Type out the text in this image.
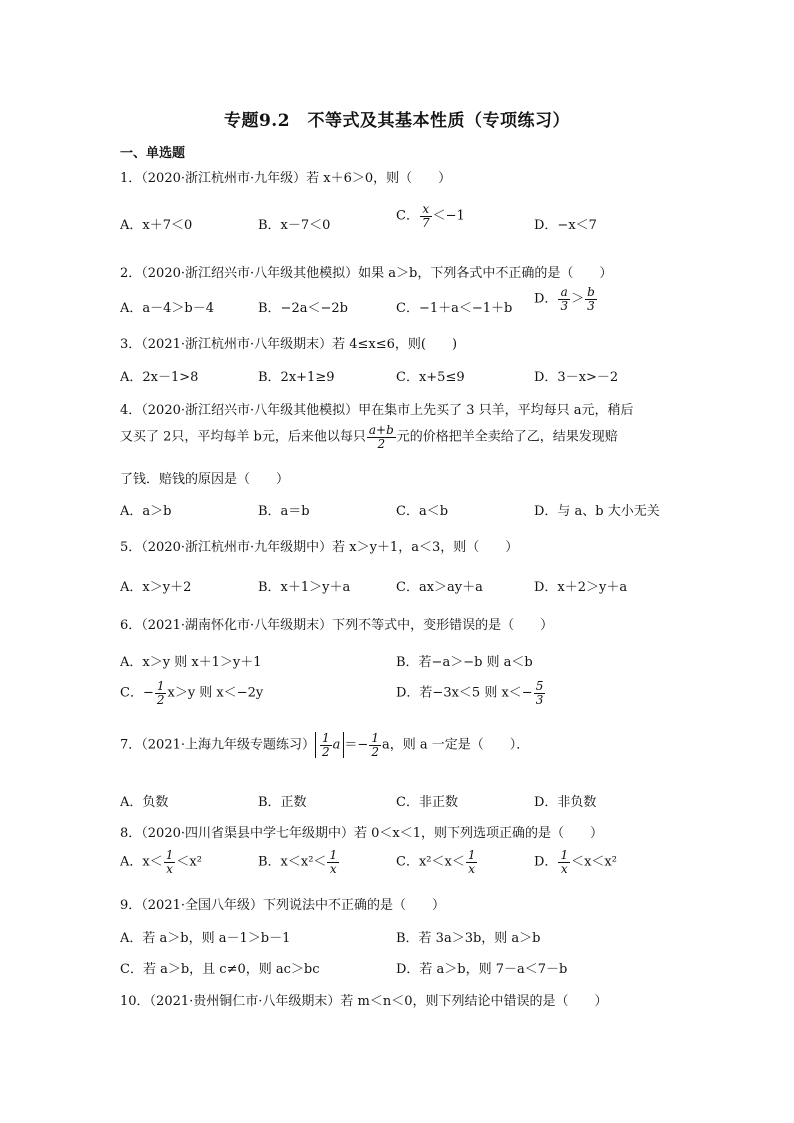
专题9.2　不等式及其基本性质（专项练习）
一、单选题
1．（2020·浙江杭州市·九年级）若 x＋6＞0，则（　　）
A．x＋7＜0	B．x－7＜0
C． $\frac{x}{7} <-1$
D．−x＜7
2．（2020·浙江绍兴市·八年级其他模拟）如果 a＞b，下列各式中不正确的是（　　）
A．a－4＞b－4	B．−2a＜−2b	C．−1＋a＜−1＋b
D． $\frac{a}{3} > \frac{b}{3}$
3．（2021·浙江杭州市·八年级期末）若 4≤x≤6，则(　　)
A．2x－1>8	B．2x+1≥9	C．x+5≤9	D．3－x>－2
4．（2020·浙江绍兴市·八年级其他模拟）甲在集市上先买了 3 只羊，平均每只 a元，稍后
又买了 2只，平均每羊 b元，后来他以每只 $\frac{a+b}{2}$ 元的价格把羊全卖给了乙，结果发现赔
了钱．赔钱的原因是（　　）
A．a＞b	B．a＝b	C．a＜b	D．与 a、b 大小无关
5．（2020·浙江杭州市·九年级期中）若 x＞y＋1，a＜3，则（　　）
A．x＞y＋2	B．x＋1＞y＋a	C．ax＞ay＋a	D．x＋2＞y＋a
6．（2021·湖南怀化市·八年级期末）下列不等式中，变形错误的是（　　）
A．x＞y 则 x＋1＞y＋1	B．若−a＞−b 则 a＜b
C．− $\frac{1}{2} x>y$ 则 x＜−2y	D．若−3x＜5 则 $x<- \frac{5}{3}$
7．（2021·上海九年级专题练习） $\frac{1}{2}$ $a =- \frac{1}{2}$ a，则 a 一定是（　　）．
A．负数	B．正数	C．非正数	D．非负数
8．（2020·四川省渠县中学七年级期中）若 0＜x＜1，则下列选项正确的是（　　）
A．$x< \frac{1}{x} <x^2$	B．$x<x^2< \frac{1}{x}$	C．$x^2<x< \frac{1}{x}$	D． $\frac{1}{x} <x<x^2$
9．（2021·全国八年级）下列说法中不正确的是（　　）
A．若 a＞b，则 a－1＞b－1	B．若 3a＞3b，则 a＞b
C．若 a＞b，且 c≠0，则 ac＞bc	D．若 a＞b，则 7－a＜7－b
10．（2021·贵州铜仁市·八年级期末）若 m＜n＜0，则下列结论中错误的是（　　）
